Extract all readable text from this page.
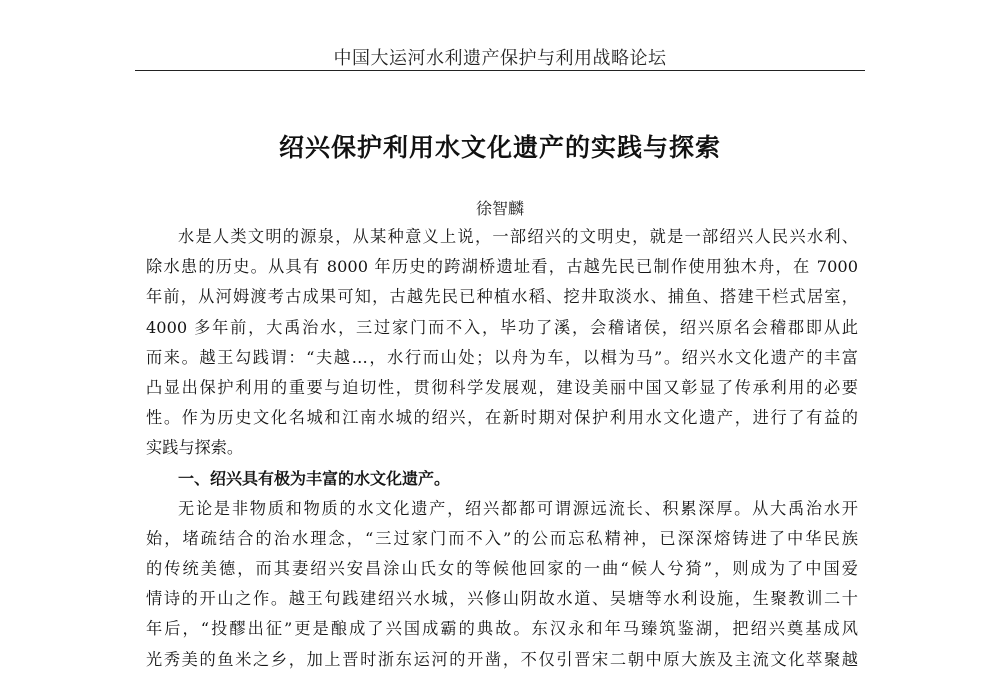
中国大运河水利遗产保护与利用战略论坛
绍兴保护利用水文化遗产的实践与探索
徐智麟
水是人类文明的源泉，从某种意义上说，一部绍兴的文明史，就是一部绍兴人民兴水利、
除水患的历史。从具有 8000 年历史的跨湖桥遗址看，古越先民已制作使用独木舟，在 7000
年前，从河姆渡考古成果可知，古越先民已种植水稻、挖井取淡水、捕鱼、搭建干栏式居室，
4000 多年前，大禹治水，三过家门而不入，毕功了溪，会稽诸侯，绍兴原名会稽郡即从此
而来。越王勾践谓：“夫越…，水行而山处；以舟为车，以楫为马”。绍兴水文化遗产的丰富
凸显出保护利用的重要与迫切性，贯彻科学发展观，建设美丽中国又彰显了传承利用的必要
性。作为历史文化名城和江南水城的绍兴，在新时期对保护利用水文化遗产，进行了有益的
实践与探索。
一、绍兴具有极为丰富的水文化遗产。
无论是非物质和物质的水文化遗产，绍兴都都可谓源远流长、积累深厚。从大禹治水开
始，堵疏结合的治水理念，“三过家门而不入”的公而忘私精神，已深深熔铸进了中华民族
的传统美德，而其妻绍兴安昌涂山氏女的等候他回家的一曲“候人兮猗”，则成为了中国爱
情诗的开山之作。越王句践建绍兴水城，兴修山阴故水道、吴塘等水利设施，生聚教训二十
年后，“投醪出征”更是酿成了兴国成霸的典故。东汉永和年马臻筑鉴湖，把绍兴奠基成风
光秀美的鱼米之乡，加上晋时浙东运河的开凿，不仅引晋宋二朝中原大族及主流文化萃聚越
